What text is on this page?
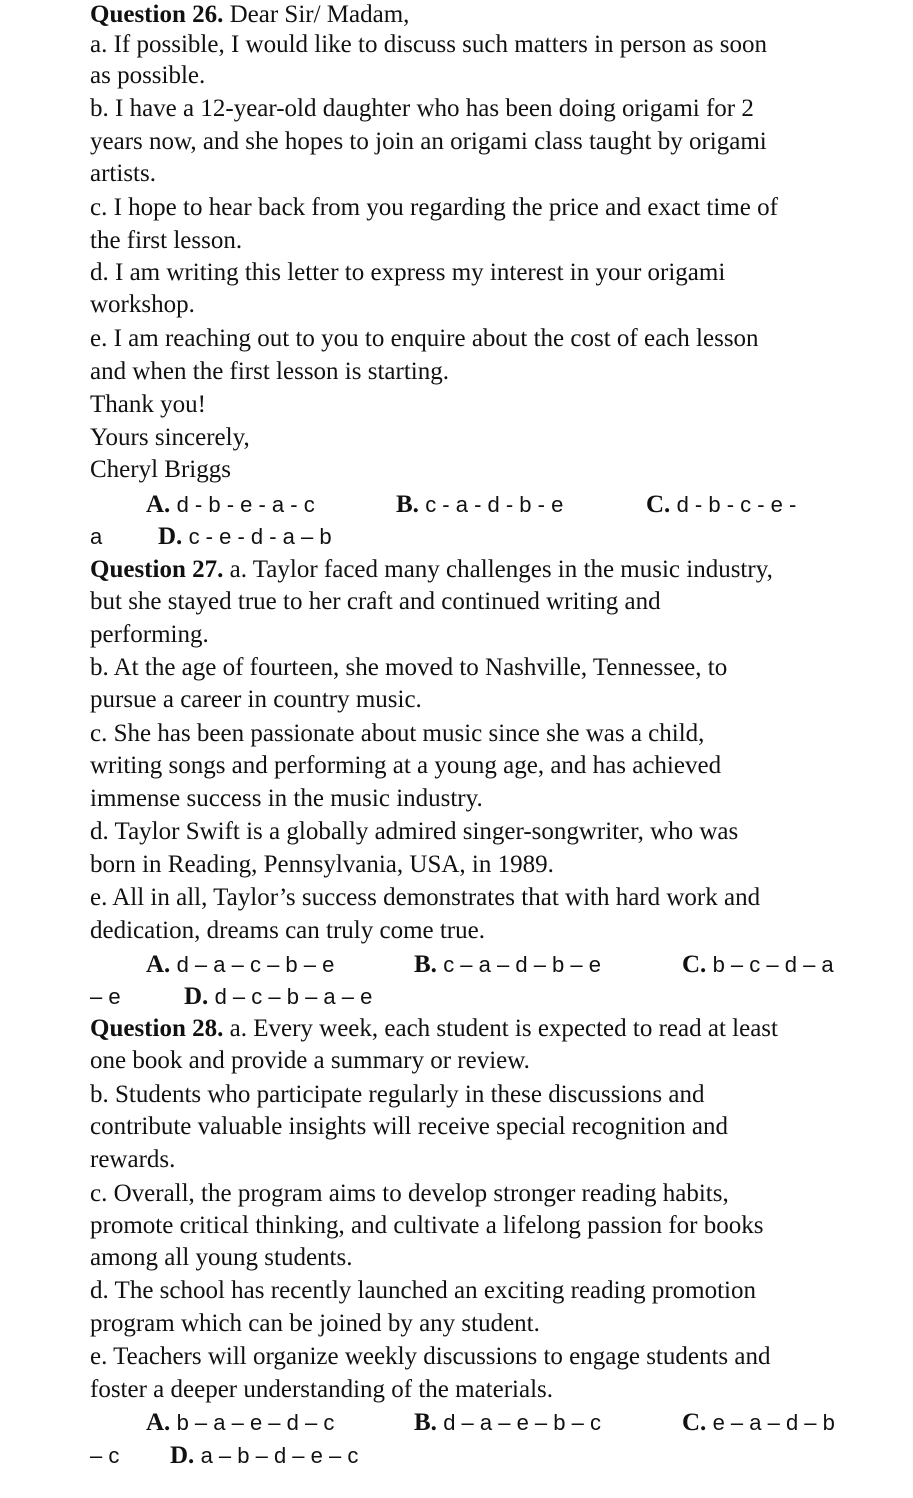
Question 26. Dear Sir/ Madam,
a. If possible, I would like to discuss such matters in person as soon
as possible.
b. I have a 12-year-old daughter who has been doing origami for 2
years now, and she hopes to join an origami class taught by origami
artists.
c. I hope to hear back from you regarding the price and exact time of
the first lesson.
d. I am writing this letter to express my interest in your origami
workshop.
e. I am reaching out to you to enquire about the cost of each lesson
and when the first lesson is starting.
Thank you!
Yours sincerely,
Cheryl Briggs
A. d - b - e - a - c	B. c - a - d - b - e	C. d - b - c - e -
a D. c - e - d - a – b
Question 27. a. Taylor faced many challenges in the music industry,
but she stayed true to her craft and continued writing and
performing.
b. At the age of fourteen, she moved to Nashville, Tennessee, to
pursue a career in country music.
c. She has been passionate about music since she was a child,
writing songs and performing at a young age, and has achieved
immense success in the music industry.
d. Taylor Swift is a globally admired singer-songwriter, who was
born in Reading, Pennsylvania, USA, in 1989.
e. All in all, Taylor’s success demonstrates that with hard work and
dedication, dreams can truly come true.
A. d – a – c – b – e	B. c – a – d – b – e	C. b – c – d – a
– e	D. d – c – b – a – e
Question 28. a. Every week, each student is expected to read at least
one book and provide a summary or review.
b. Students who participate regularly in these discussions and
contribute valuable insights will receive special recognition and
rewards.
c. Overall, the program aims to develop stronger reading habits,
promote critical thinking, and cultivate a lifelong passion for books
among all young students.
d. The school has recently launched an exciting reading promotion
program which can be joined by any student.
e. Teachers will organize weekly discussions to engage students and
foster a deeper understanding of the materials.
A. b – a – e – d – c	B. d – a – e – b – c	C. e – a – d – b
– c D. a – b – d – e – c
